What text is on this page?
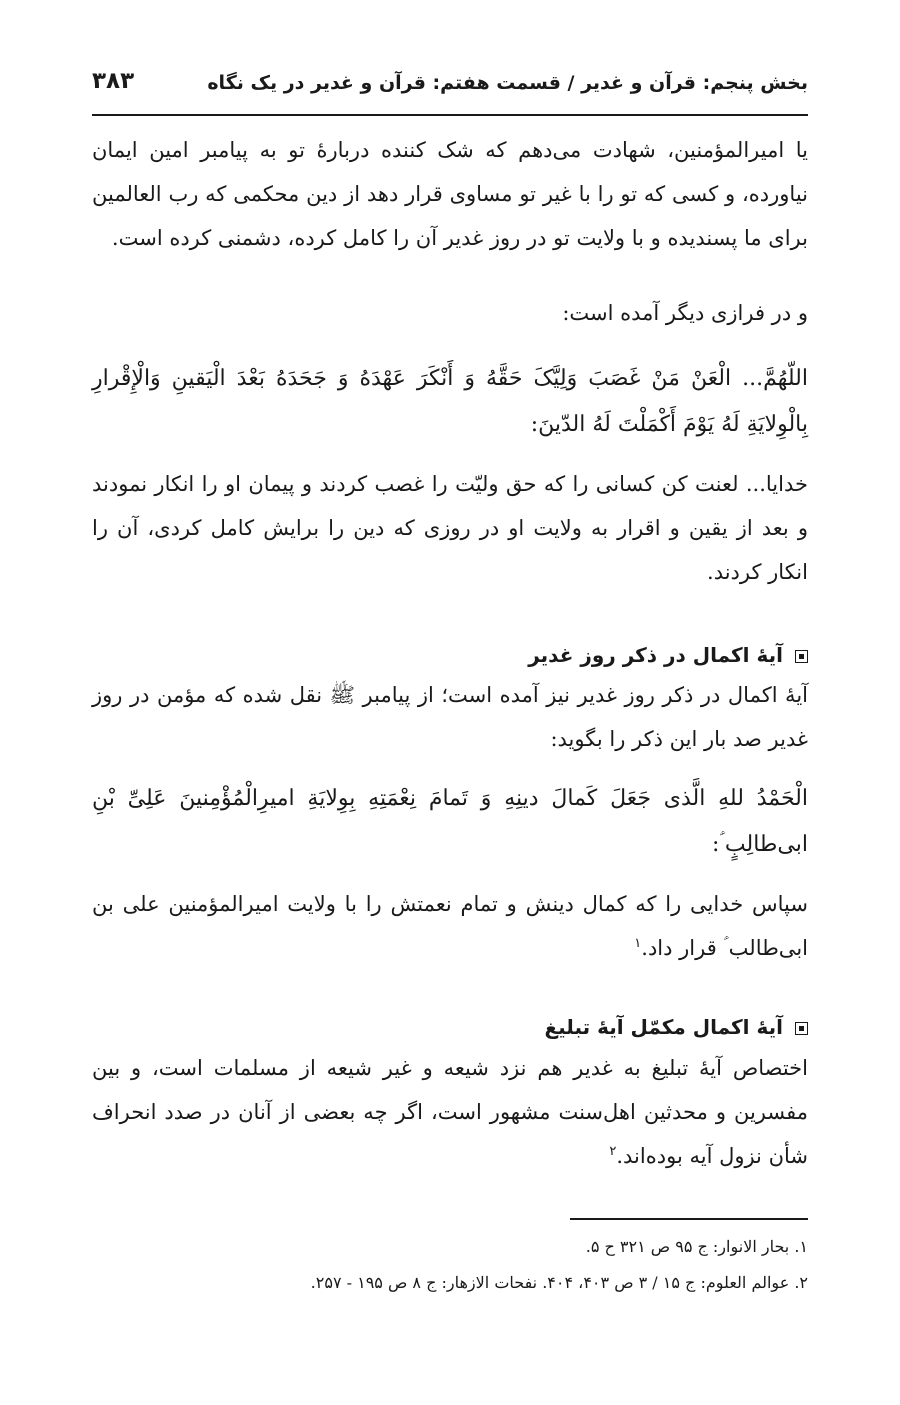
بخش پنجم: قرآن و غدیر / قسمت هفتم: قرآن و غدیر در یک نگاه
۳۸۳

یا امیرالمؤمنین، شهادت می‌دهم که شک کننده دربارهٔ تو به پیامبر امین ایمان نیاورده، و کسی که تو را با غیر تو مساوی قرار دهد از دین محکمی که رب العالمین برای ما پسندیده و با ولایت تو در روز غدیر آن را کامل کرده، دشمنی کرده است.

و در فرازی دیگر آمده است:

اللّهُمَّ... الْعَنْ مَنْ غَصَبَ وَلِیَّکَ حَقَّهُ وَ أَنْکَرَ عَهْدَهُ وَ جَحَدَهُ بَعْدَ الْیَقینِ وَالْإِقْرارِ بِالْوِلایَةِ لَهُ یَوْمَ أَکْمَلْتَ لَهُ الدّینَ:

خدایا... لعنت کن کسانی را که حق ولیّت را غصب کردند و پیمان او را انکار نمودند و بعد از یقین و اقرار به ولایت او در روزی که دین را برایش کامل کردی، آن را انکار کردند.

آیهٔ اکمال در ذکر روز غدیر

آیهٔ اکمال در ذکر روز غدیر نیز آمده است؛ از پیامبر ﷺ نقل شده که مؤمن در روز غدیر صد بار این ذکر را بگوید:

الْحَمْدُ للهِ الَّذی جَعَلَ کَمالَ دینِهِ وَ تَمامَ نِعْمَتِهِ بِوِلایَةِ امیرِالْمُؤْمِنینَ عَلِیِّ بْنِ ابی‌طالِبٍ ؑ:

سپاس خدایی را که کمال دینش و تمام نعمتش را با ولایت امیرالمؤمنین علی بن ابی‌طالب ؑ قرار داد.$^۱$

آیهٔ اکمال مکمّل آیهٔ تبلیغ

اختصاص آیهٔ تبلیغ به غدیر هم نزد شیعه و غیر شیعه از مسلمات است، و بین مفسرین و محدثین اهل‌سنت مشهور است، اگر چه بعضی از آنان در صدد انحراف شأن نزول آیه بوده‌اند.$^۲$

۱. بحار الانوار: ج ۹۵ ص ۳۲۱ ح ۵.
۲. عوالم العلوم: ج ۱۵ / ۳ ص ۴۰۳، ۴۰۴. نفحات الازهار: ج ۸ ص ۱۹۵ - ۲۵۷.
